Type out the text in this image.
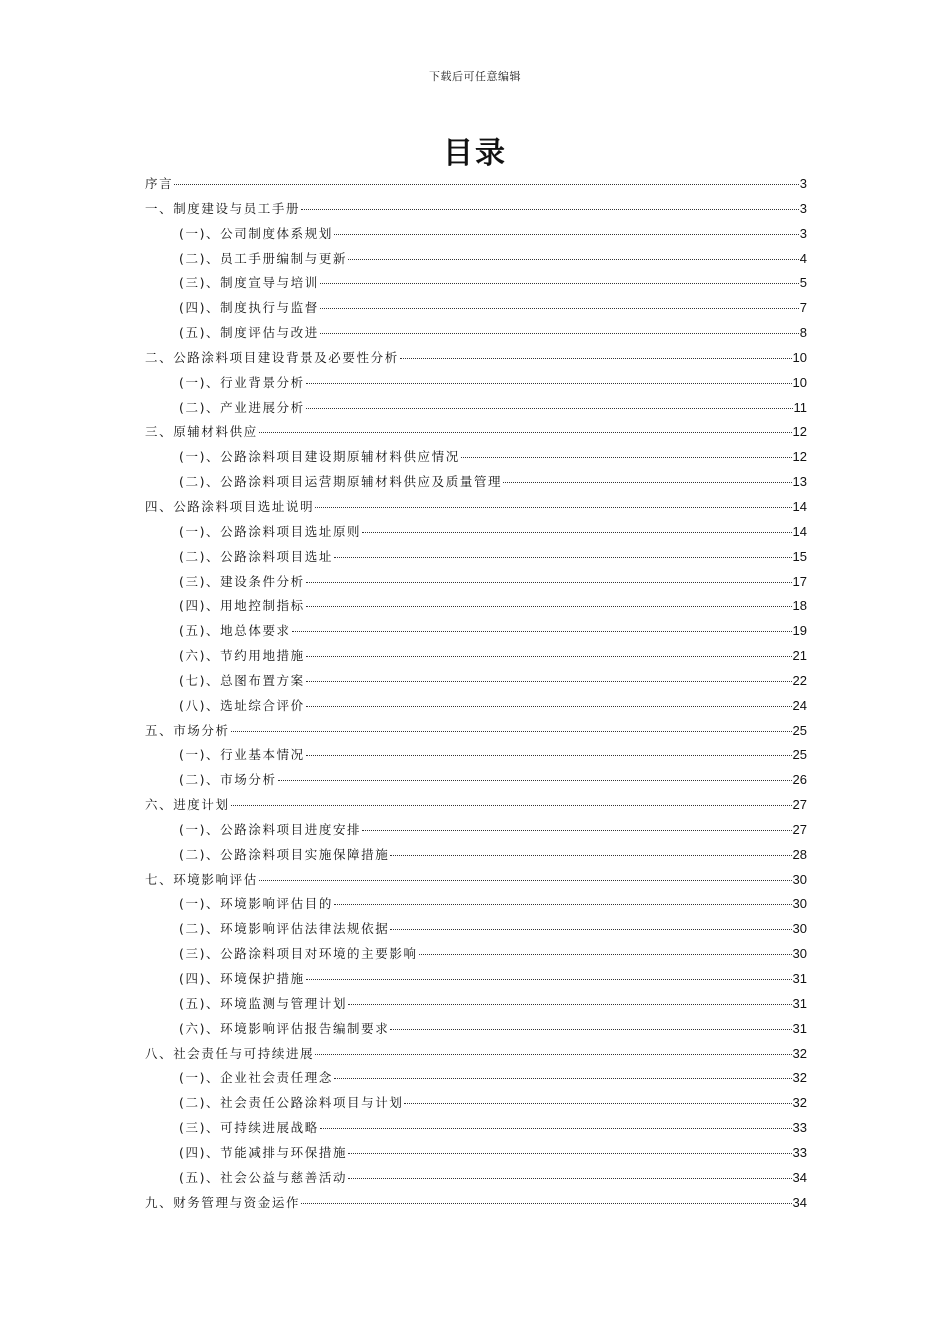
下载后可任意编辑
目录
序言	3
一、制度建设与员工手册	3
(一)、公司制度体系规划	3
(二)、员工手册编制与更新	4
(三)、制度宣导与培训	5
(四)、制度执行与监督	7
(五)、制度评估与改进	8
二、公路涂料项目建设背景及必要性分析	10
(一)、行业背景分析	10
(二)、产业进展分析	11
三、原辅材料供应	12
(一)、公路涂料项目建设期原辅材料供应情况	12
(二)、公路涂料项目运营期原辅材料供应及质量管理	13
四、公路涂料项目选址说明	14
(一)、公路涂料项目选址原则	14
(二)、公路涂料项目选址	15
(三)、建设条件分析	17
(四)、用地控制指标	18
(五)、地总体要求	19
(六)、节约用地措施	21
(七)、总图布置方案	22
(八)、选址综合评价	24
五、市场分析	25
(一)、行业基本情况	25
(二)、市场分析	26
六、进度计划	27
(一)、公路涂料项目进度安排	27
(二)、公路涂料项目实施保障措施	28
七、环境影响评估	30
(一)、环境影响评估目的	30
(二)、环境影响评估法律法规依据	30
(三)、公路涂料项目对环境的主要影响	30
(四)、环境保护措施	31
(五)、环境监测与管理计划	31
(六)、环境影响评估报告编制要求	31
八、社会责任与可持续进展	32
(一)、企业社会责任理念	32
(二)、社会责任公路涂料项目与计划	32
(三)、可持续进展战略	33
(四)、节能减排与环保措施	33
(五)、社会公益与慈善活动	34
九、财务管理与资金运作	34
